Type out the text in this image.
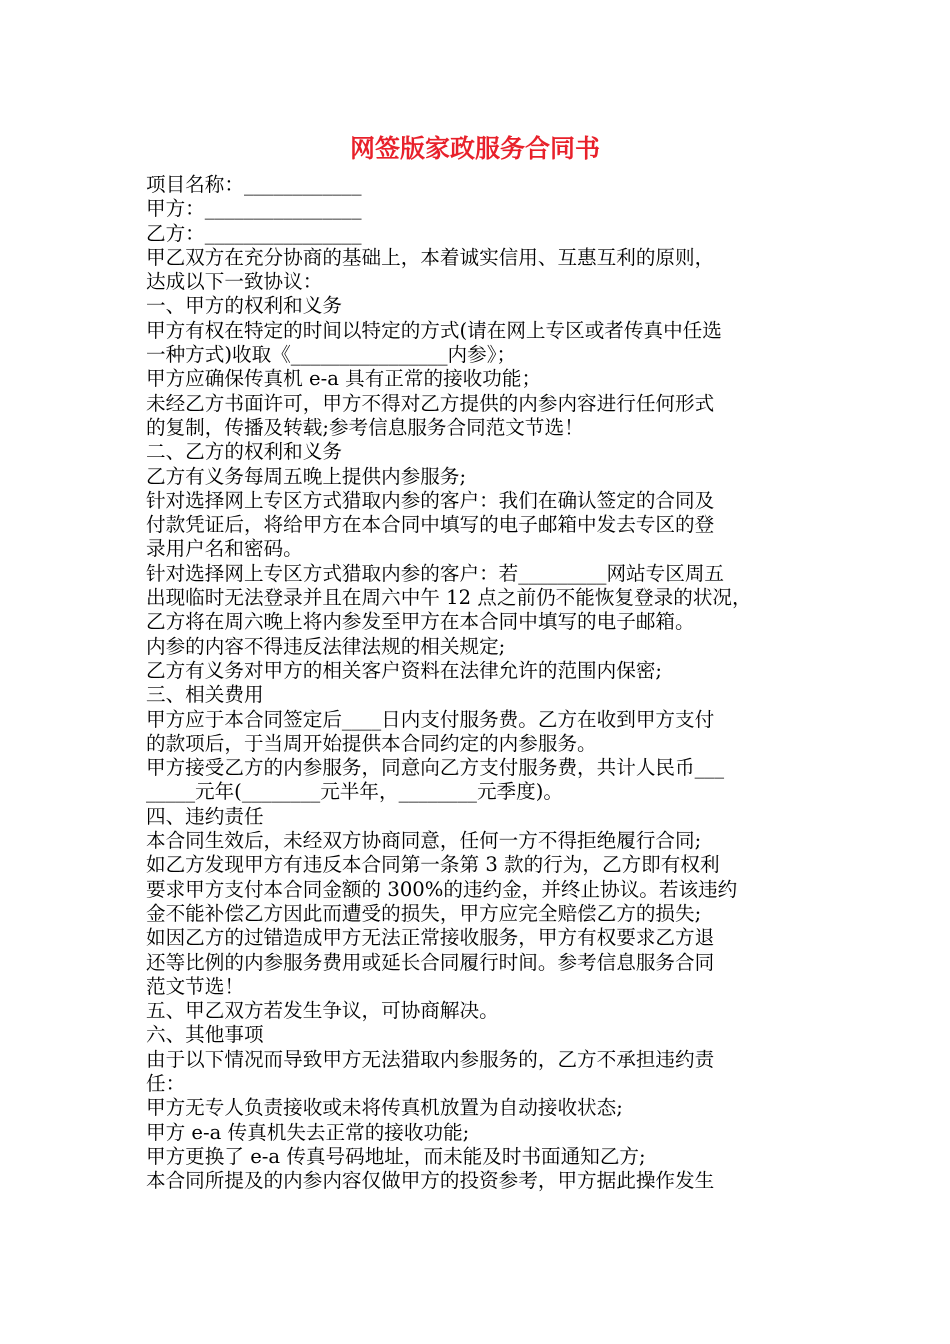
网签版家政服务合同书
项目名称：____________
甲方：________________
乙方：________________
甲乙双方在充分协商的基础上，本着诚实信用、互惠互利的原则，
达成以下一致协议：
一、甲方的权利和义务
甲方有权在特定的时间以特定的方式(请在网上专区或者传真中任选
一种方式)收取《________________内参》；
甲方应确保传真机 e-a 具有正常的接收功能；
未经乙方书面许可，甲方不得对乙方提供的内参内容进行任何形式
的复制，传播及转载;参考信息服务合同范文节选！
二、乙方的权利和义务
乙方有义务每周五晚上提供内参服务;
针对选择网上专区方式猎取内参的客户：我们在确认签定的合同及
付款凭证后，将给甲方在本合同中填写的电子邮箱中发去专区的登
录用户名和密码。
针对选择网上专区方式猎取内参的客户：若_________网站专区周五
出现临时无法登录并且在周六中午 12 点之前仍不能恢复登录的状况，
乙方将在周六晚上将内参发至甲方在本合同中填写的电子邮箱。
内参的内容不得违反法律法规的相关规定;
乙方有义务对甲方的相关客户资料在法律允许的范围内保密;
三、相关费用
甲方应于本合同签定后____日内支付服务费。乙方在收到甲方支付
的款项后，于当周开始提供本合同约定的内参服务。
甲方接受乙方的内参服务，同意向乙方支付服务费，共计人民币___
_____元年(________元半年，________元季度)。
四、违约责任
本合同生效后，未经双方协商同意，任何一方不得拒绝履行合同;
如乙方发现甲方有违反本合同第一条第 3 款的行为，乙方即有权利
要求甲方支付本合同金额的 300%的违约金，并终止协议。若该违约
金不能补偿乙方因此而遭受的损失，甲方应完全赔偿乙方的损失;
如因乙方的过错造成甲方无法正常接收服务，甲方有权要求乙方退
还等比例的内参服务费用或延长合同履行时间。参考信息服务合同
范文节选！
五、甲乙双方若发生争议，可协商解决。
六、其他事项
由于以下情况而导致甲方无法猎取内参服务的，乙方不承担违约责
任：
甲方无专人负责接收或未将传真机放置为自动接收状态;
甲方 e-a 传真机失去正常的接收功能;
甲方更换了 e-a 传真号码地址，而未能及时书面通知乙方;
本合同所提及的内参内容仅做甲方的投资参考，甲方据此操作发生
